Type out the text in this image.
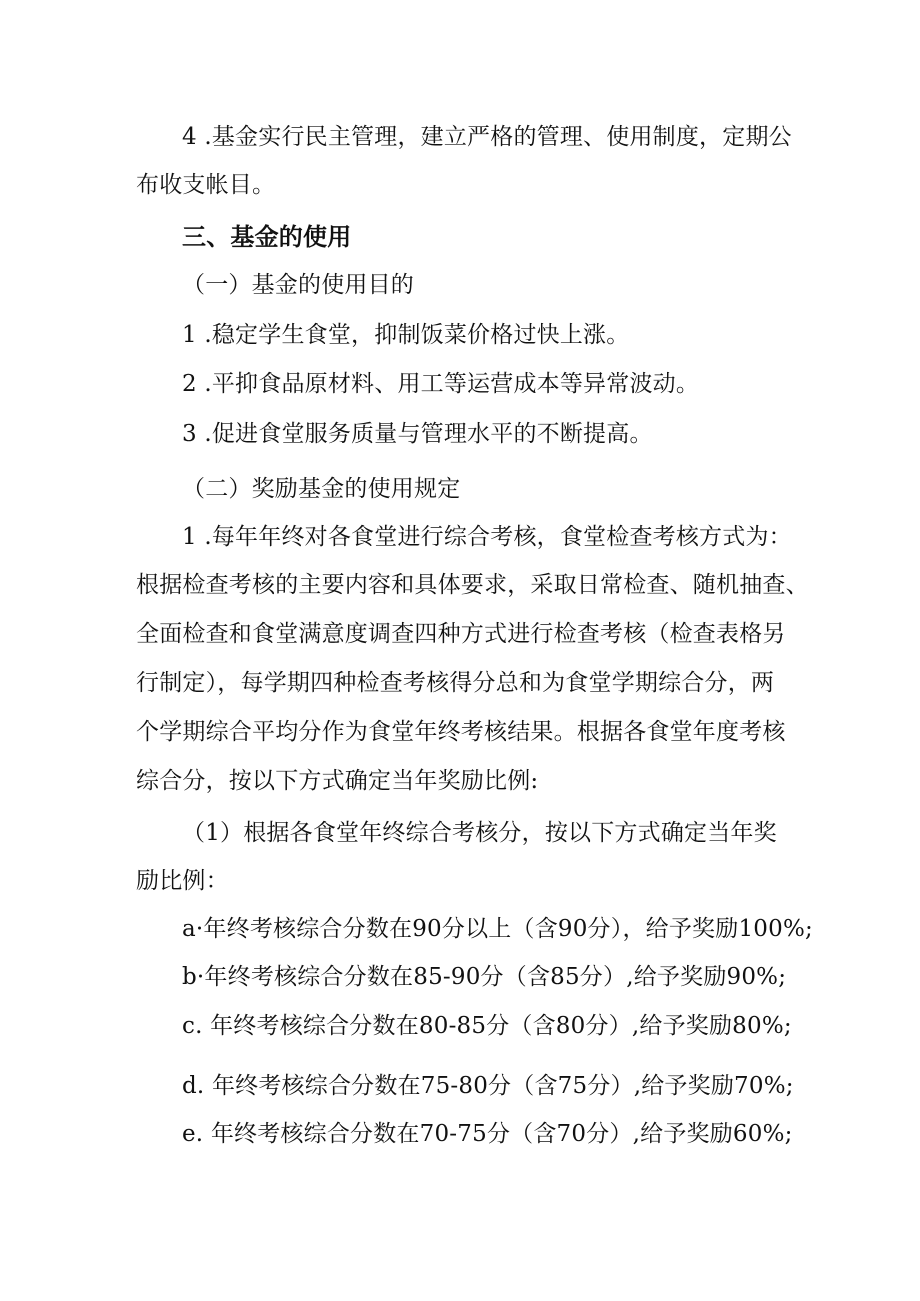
4 .基金实行民主管理，建立严格的管理、使用制度，定期公
布收支帐目。
三、基金的使用
（一）基金的使用目的
1 .稳定学生食堂，抑制饭菜价格过快上涨。
2 .平抑食品原材料、用工等运营成本等异常波动。
3 .促进食堂服务质量与管理水平的不断提高。
（二）奖励基金的使用规定
1 .每年年终对各食堂进行综合考核，食堂检查考核方式为：
根据检查考核的主要内容和具体要求，采取日常检查、随机抽查、
全面检查和食堂满意度调查四种方式进行检查考核（检查表格另
行制定），每学期四种检查考核得分总和为食堂学期综合分，两
个学期综合平均分作为食堂年终考核结果。根据各食堂年度考核
综合分，按以下方式确定当年奖励比例:
（1）根据各食堂年终综合考核分，按以下方式确定当年奖
励比例：
a·年终考核综合分数在90分以上（含90分），给予奖励100%;
b·年终考核综合分数在85-90分（含85分）,给予奖励90%;
c. 年终考核综合分数在80-85分（含80分）,给予奖励80%;
d. 年终考核综合分数在75-80分（含75分）,给予奖励70%;
e. 年终考核综合分数在70-75分（含70分）,给予奖励60%;
